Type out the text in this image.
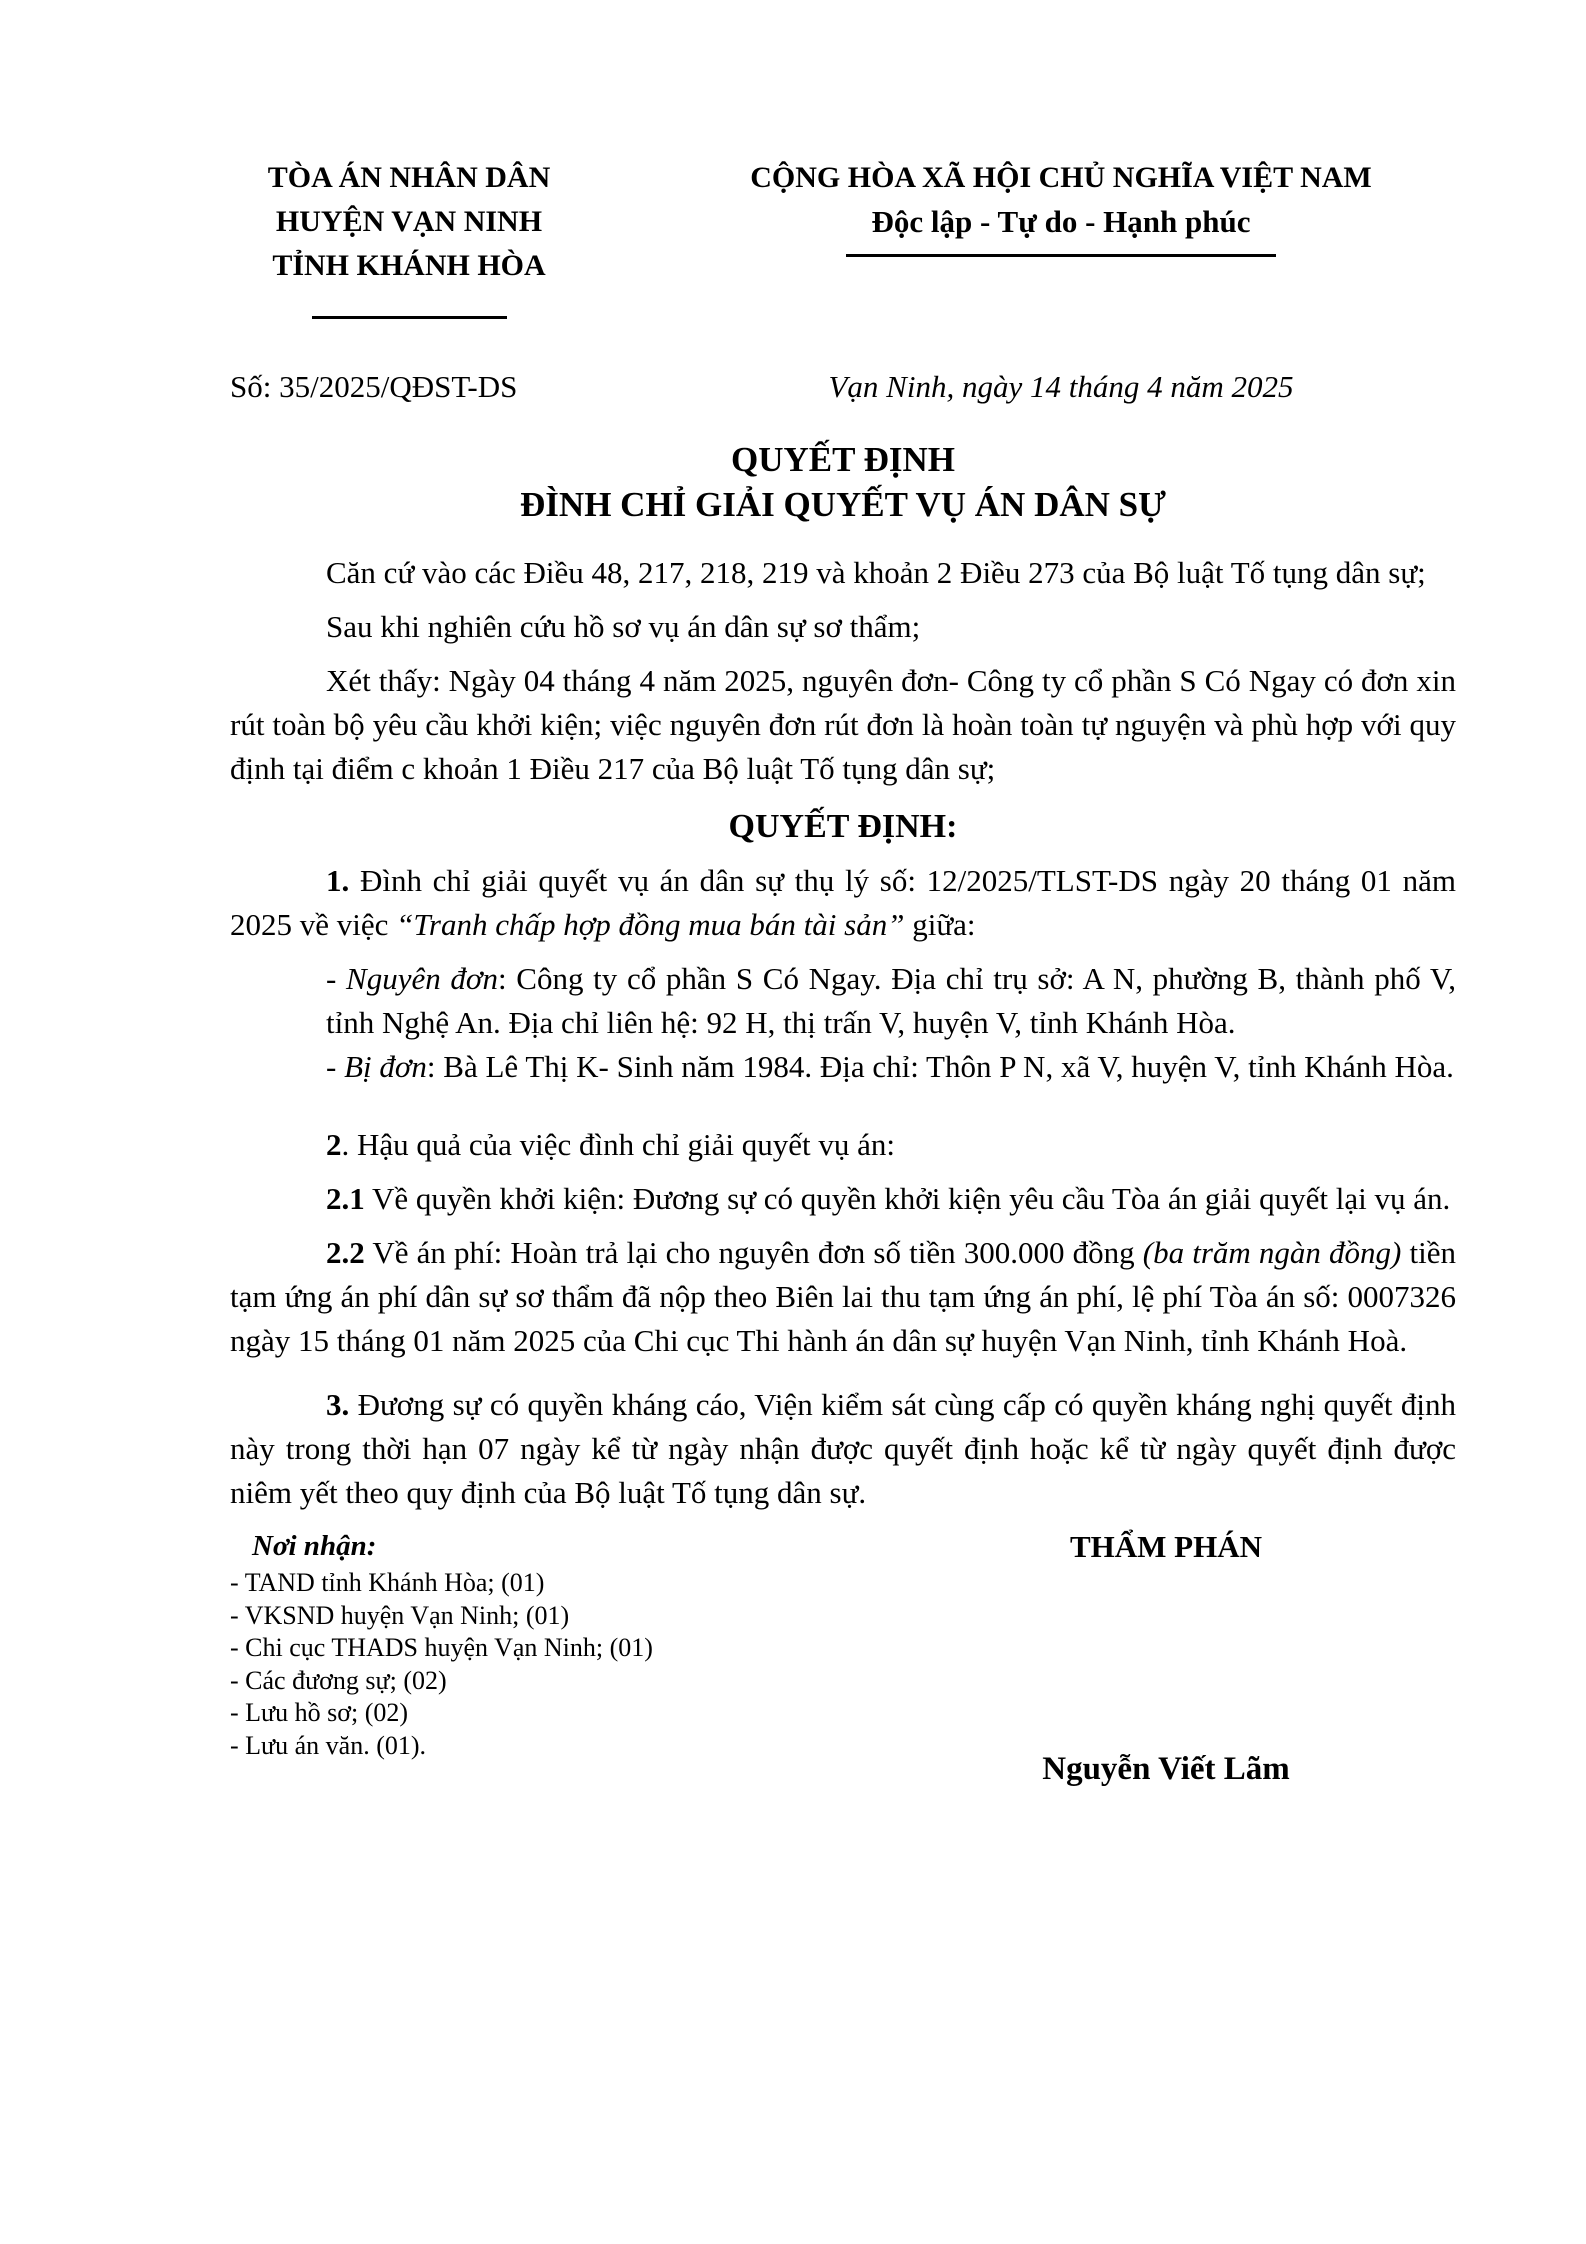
TÒA ÁN NHÂN DÂN
HUYỆN VẠN NINH
TỈNH KHÁNH HÒA
CỘNG HÒA XÃ HỘI CHỦ NGHĨA VIỆT NAM
Độc lập - Tự do - Hạnh phúc
Số: 35/2025/QĐST-DS	Vạn Ninh, ngày 14 tháng 4 năm 2025
QUYẾT ĐỊNH
ĐÌNH CHỈ GIẢI QUYẾT VỤ ÁN DÂN SỰ

Căn cứ vào các Điều 48, 217, 218, 219 và khoản 2 Điều 273 của Bộ luật Tố tụng dân sự;

Sau khi nghiên cứu hồ sơ vụ án dân sự sơ thẩm;

Xét thấy: Ngày 04 tháng 4 năm 2025, nguyên đơn- Công ty cổ phần S Có Ngay có đơn xin rút toàn bộ yêu cầu khởi kiện; việc nguyên đơn rút đơn là hoàn toàn tự nguyện và phù hợp với quy định tại điểm c khoản 1 Điều 217 của Bộ luật Tố tụng dân sự;

QUYẾT ĐỊNH:

1. Đình chỉ giải quyết vụ án dân sự thụ lý số: 12/2025/TLST-DS ngày 20 tháng 01 năm 2025 về việc “Tranh chấp hợp đồng mua bán tài sản” giữa:

- Nguyên đơn: Công ty cổ phần S Có Ngay. Địa chỉ trụ sở: A N, phường B, thành phố V, tỉnh Nghệ An. Địa chỉ liên hệ: 92 H, thị trấn V, huyện V, tỉnh Khánh Hòa.

- Bị đơn: Bà Lê Thị K- Sinh năm 1984. Địa chỉ: Thôn P N, xã V, huyện V, tỉnh Khánh Hòa.

2. Hậu quả của việc đình chỉ giải quyết vụ án:

2.1 Về quyền khởi kiện: Đương sự có quyền khởi kiện yêu cầu Tòa án giải quyết lại vụ án.

2.2 Về án phí: Hoàn trả lại cho nguyên đơn số tiền 300.000 đồng (ba trăm ngàn đồng) tiền tạm ứng án phí dân sự sơ thẩm đã nộp theo Biên lai thu tạm ứng án phí, lệ phí Tòa án số: 0007326 ngày 15 tháng 01 năm 2025 của Chi cục Thi hành án dân sự huyện Vạn Ninh, tỉnh Khánh Hoà.

3. Đương sự có quyền kháng cáo, Viện kiểm sát cùng cấp có quyền kháng nghị quyết định này trong thời hạn 07 ngày kể từ ngày nhận được quyết định hoặc kể từ ngày quyết định được niêm yết theo quy định của Bộ luật Tố tụng dân sự.

Nơi nhận:
- TAND tỉnh Khánh Hòa; (01)
- VKSND huyện Vạn Ninh; (01)
- Chi cục THADS huyện Vạn Ninh; (01)
- Các đương sự; (02)
- Lưu hồ sơ; (02)
- Lưu án văn. (01).
THẨM PHÁN
Nguyễn Viết Lãm
